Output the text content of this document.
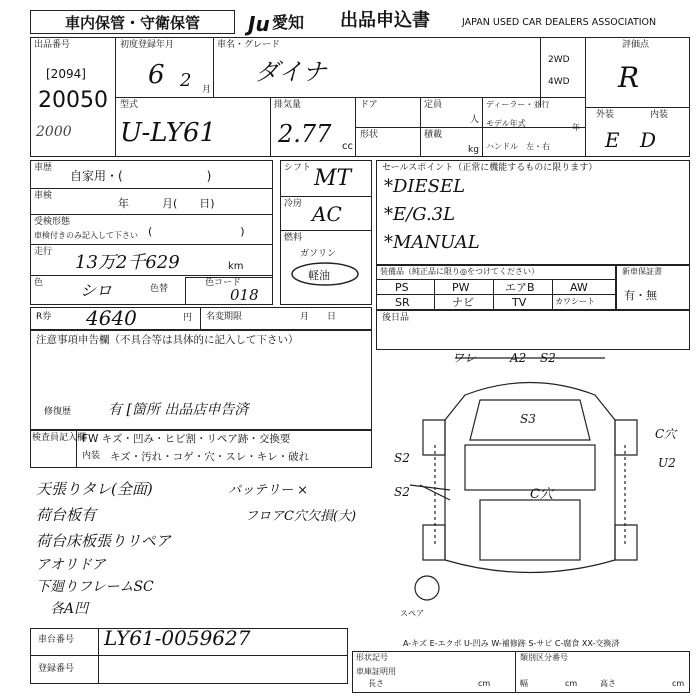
車内保管・守衛保管	Ju 愛知 出品申込書	JAPAN USED CAR DEALERS ASSOCIATION
出品番号
[2094]
20050
2000
初度登録年月
6 2 月
車名・グレード
ダイナ	2WD
4WD
評価点
R
外装	内装
E D
型式
U-LY61
排気量
2.77 cc
ドア
形状
定員
人
積載
kg
ディーラー・並行
モデル年式	年
ハンドル　左・右
車歴
自家用・(　　　　　　　)
車検
年　　　月(　　日)
受検形態
車検付きのみ記入して下さい (　　　　　　　　)
走行 13万2千629	km
色 シロ	色替
色コード
018
シフト MT
冷房 AC
燃料
ガソリン
軽油
セールスポイント（正常に機能するものに限ります）
*DIESEL
*E/G.3L
*MANUAL
装備品（純正品に限り◎をつけてください）
PS	PW	エアB	AW
SR	ナビ	TV	カワシート
新車保証書
有・無
R券 4640	円 名変期限	月　　日	後日品
注意事項申告欄（不具合等は具体的に記入して下さい）
修復歴	有 [箇所 出品店申告済
検査員記入欄
FW キズ・凹み・ヒビ割・リペア跡・交換要
内装 キズ・汚れ・コゲ・穴・スレ・キレ・破れ
天張りタレ(全面)
荷台板有
荷台床板張りリペア
アオリドア
下廻りフレームSC
各A凹
バッテリー ×
フロアC穴欠損(大)
ワレ	A2 S2
S3
C穴
U2
S2
S2	C穴
スペア
A-キズ E-エクボ U-凹み W-補修跡 S-サビ C-腐食 XX-交換済
車台番号 LY61-0059627
登録番号
形状記号	類別区分番号
車庫証明用
長さ	cm	幅	cm	高さ	cm
